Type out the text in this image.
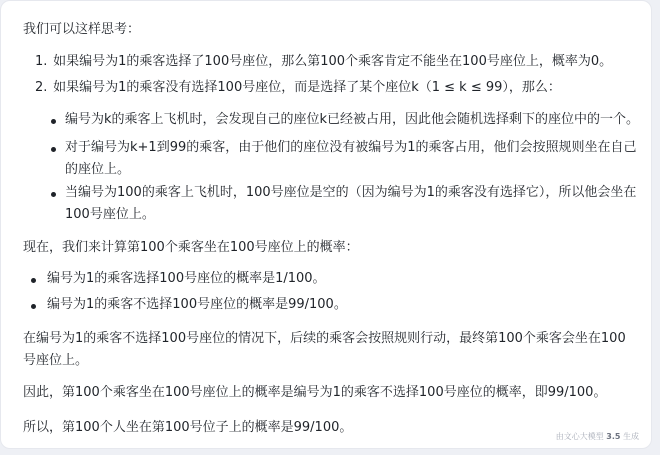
我们可以这样思考：
1. 如果编号为1的乘客选择了100号座位，那么第100个乘客肯定不能坐在100号座位上，概率为0。
2. 如果编号为1的乘客没有选择100号座位，而是选择了某个座位k（1 ≤ k ≤ 99），那么：
编号为k的乘客上飞机时，会发现自己的座位k已经被占用，因此他会随机选择剩下的座位中的一个。
对于编号为k+1到99的乘客，由于他们的座位没有被编号为1的乘客占用，他们会按照规则坐在自己的座位上。
当编号为100的乘客上飞机时，100号座位是空的（因为编号为1的乘客没有选择它），所以他会坐在100号座位上。
现在，我们来计算第100个乘客坐在100号座位上的概率：
编号为1的乘客选择100号座位的概率是1/100。
编号为1的乘客不选择100号座位的概率是99/100。
在编号为1的乘客不选择100号座位的情况下，后续的乘客会按照规则行动，最终第100个乘客会坐在100号座位上。
因此，第100个乘客坐在100号座位上的概率是编号为1的乘客不选择100号座位的概率，即99/100。
所以，第100个人坐在第100号位子上的概率是99/100。
由文心大模型 3.5 生成
